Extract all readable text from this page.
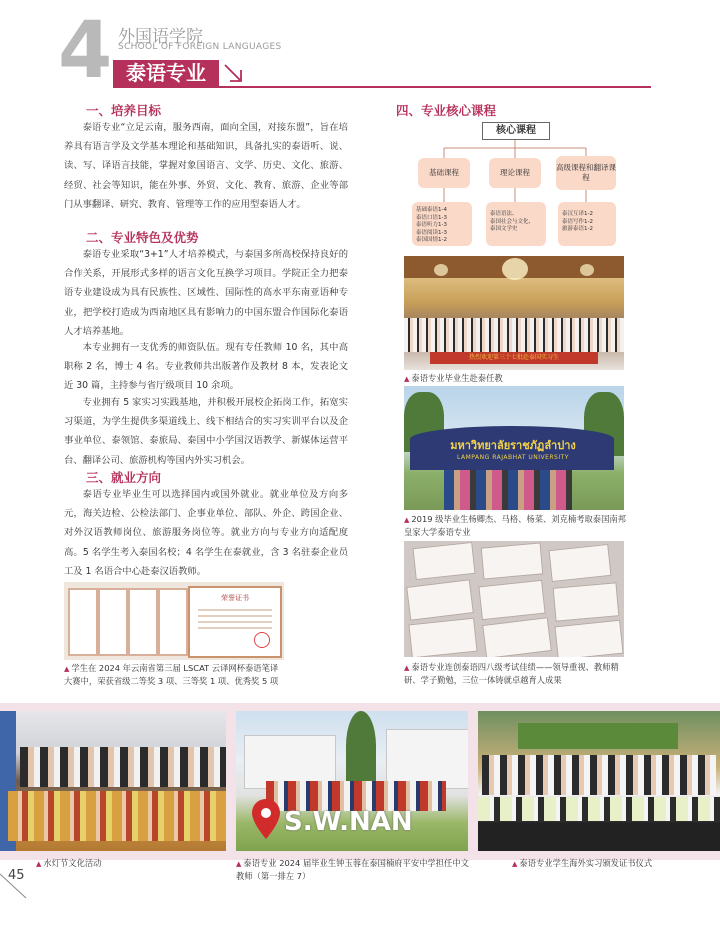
4 外国语学院
SCHOOL OF FOREIGN LANGUAGES
泰语专业
一、培养目标

泰语专业“立足云南，服务西南，面向全国，对接东盟”，旨在培养具有语言学及文学基本理论和基础知识，具备扎实的泰语听、说、读、写、译语言技能，掌握对象国语言、文学、历史、文化、旅游、经贸、社会等知识，能在外事、外贸、文化、教育、旅游、企业等部门从事翻译、研究、教育、管理等工作的应用型泰语人才。

二、专业特色及优势

泰语专业采取“3+1”人才培养模式，与泰国多所高校保持良好的合作关系，开展形式多样的语言文化互换学习项目。学院正全力把泰语专业建设成为具有民族性、区域性、国际性的高水平东南亚语种专业，把学校打造成为西南地区具有影响力的中国东盟合作国际化泰语人才培养基地。

本专业拥有一支优秀的师资队伍。现有专任教师 10 名，其中高职称 2 名，博士 4 名。专业教师共出版著作及教材 8 本，发表论文近 30 篇，主持参与省厅级项目 10 余项。

专业拥有 5 家实习实践基地，并积极开展校企拓岗工作，拓宽实习渠道，为学生提供多渠道线上、线下相结合的实习实训平台以及企事业单位、泰领馆、泰旅局、泰国中小学国汉语教学、新媒体运营平台、翻译公司、旅游机构等国内外实习机会。

三、就业方向

泰语专业毕业生可以选择国内或国外就业。就业单位及方向多元，海关边检、公检法部门、企事业单位、部队、外企、跨国企业、对外汉语教师岗位、旅游服务岗位等。就业方向与专业方向适配度高。5 名学生考入泰国名校；4 名学生在泰就业，含 3 名驻泰企业员工及 1 名语合中心赴泰汉语教师。

荣誉证书
▲ 学生在 2024 年云南省第三届 LSCAT 云译网杯泰语笔译大赛中，荣获省级二等奖 3 项、三等奖 1 项、优秀奖 5 项
四、专业核心课程
核心课程
基础课程	理论课程
高级课程和翻译课程
基础泰语1-4
泰语口语1-3
泰语听力1-3
泰语阅读1-3
泰国国情1-2
泰语语法、
泰国社会与文化、
泰国文学史
泰汉互译1-2
泰语写作1-2
旅游泰语1-2
热烈欢迎第三十七批赴泰国实习生
▲ 泰语专业毕业生赴泰任教
มหาวิทยาลัยราชภัฏลำปาง
LAMPANG RAJABHAT UNIVERSITY
▲ 2019 级毕业生杨卿杰、马格、杨菜、刘克楠考取泰国南邦皇家大学泰语专业
▲ 泰语专业连创泰语四八级考试佳绩——领导重视、教师精研、学子勤勉，三位一体铸就卓越育人成果
S.W.NAN
▲ 水灯节文化活动	▲ 泰语专业 2024 届毕业生钟玉蓉在泰国楠府平安中学担任中文教师（第一排左 7）
▲ 泰语专业学生海外实习颁发证书仪式
45
